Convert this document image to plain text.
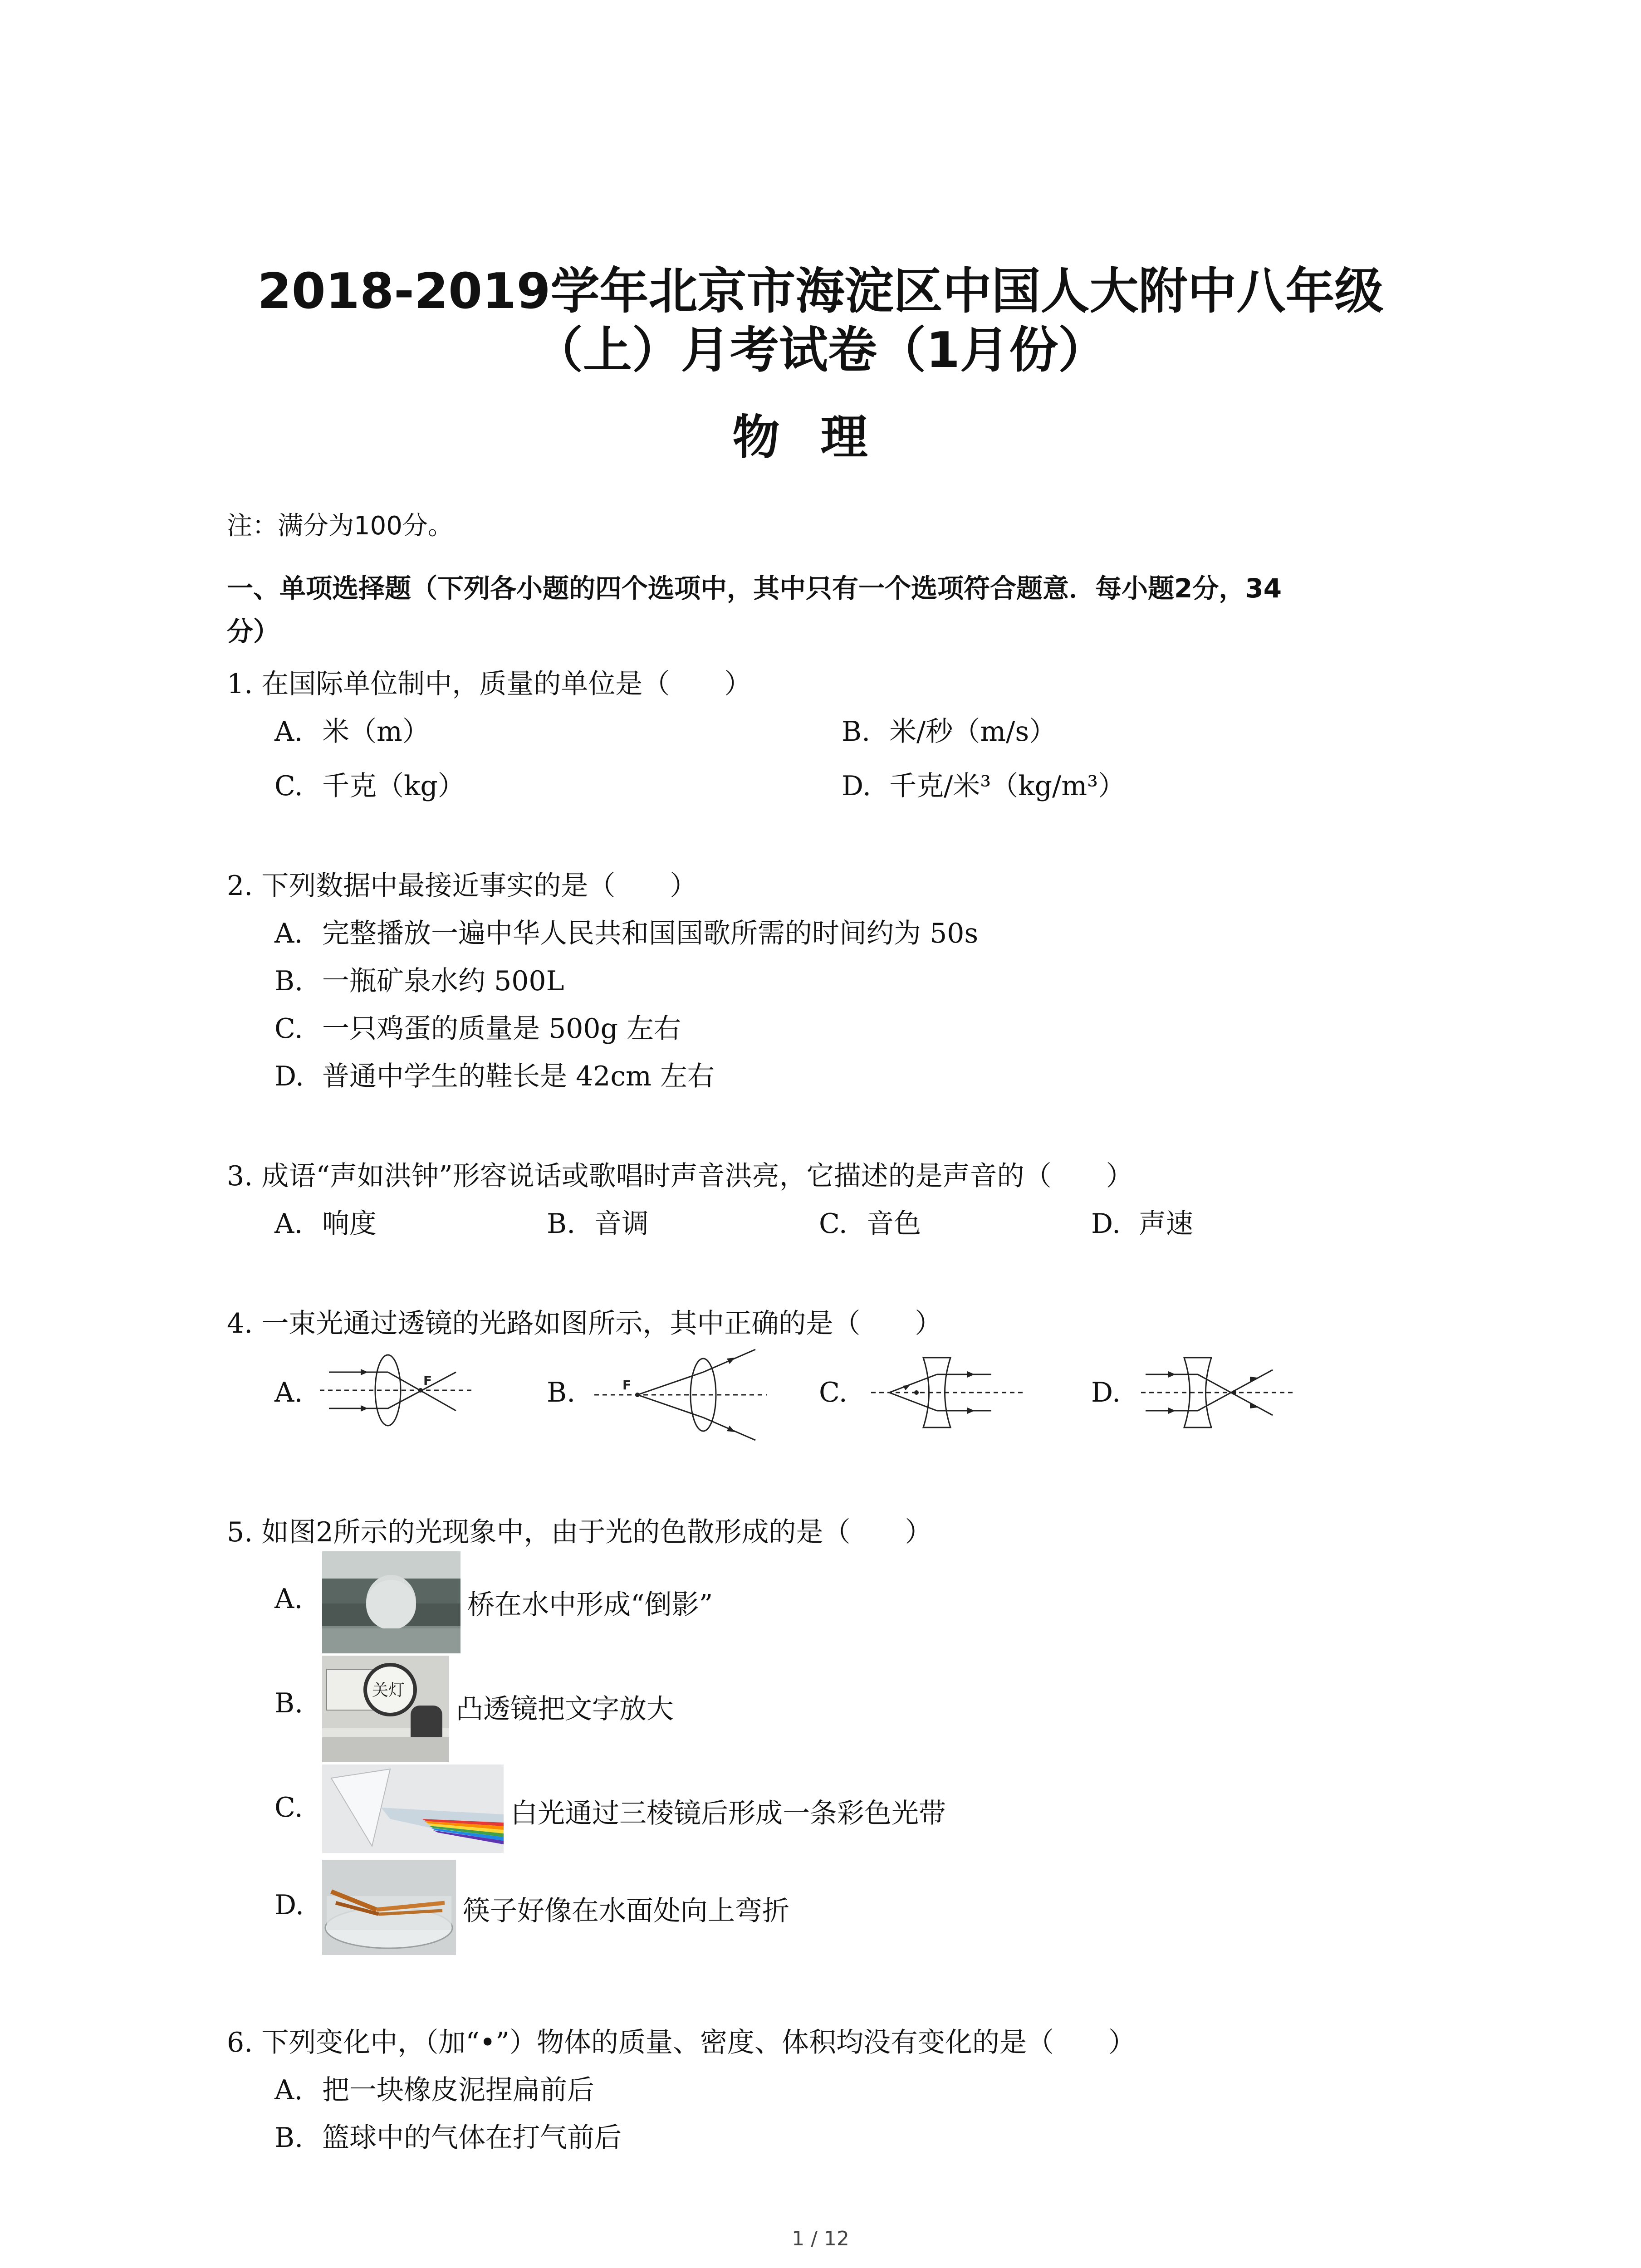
2018-2019学年北京市海淀区中国人大附中八年级
（上）月考试卷（1月份）
物理
注：满分为100分。
一、单项选择题（下列各小题的四个选项中，其中只有一个选项符合题意．每小题2分，34
分）
1. 在国际单位制中，质量的单位是（　　）
A. 米（m）	B. 米/秒（m/s）
C. 千克（kg）	D. 千克/米³（kg/m³）
2. 下列数据中最接近事实的是（　　）
A. 完整播放一遍中华人民共和国国歌所需的时间约为 50s
B. 一瓶矿泉水约 500L
C. 一只鸡蛋的质量是 500g 左右
D. 普通中学生的鞋长是 42cm 左右
3. 成语“声如洪钟”形容说话或歌唱时声音洪亮，它描述的是声音的（　　）
A. 响度	B. 音调	C. 音色	D. 声速
4. 一束光通过透镜的光路如图所示，其中正确的是（　　）
A.	F	B.	F	C.	D.
5. 如图2所示的光现象中，由于光的色散形成的是（　　）
A.	桥在水中形成“倒影”
B.	关灯
凸透镜把文字放大
C.	白光通过三棱镜后形成一条彩色光带
D.	筷子好像在水面处向上弯折
6. 下列变化中，（加“•”）物体的质量、密度、体积均没有变化的是（　　）
A. 把一块橡皮泥捏扁前后
B. 篮球中的气体在打气前后
1 / 12
